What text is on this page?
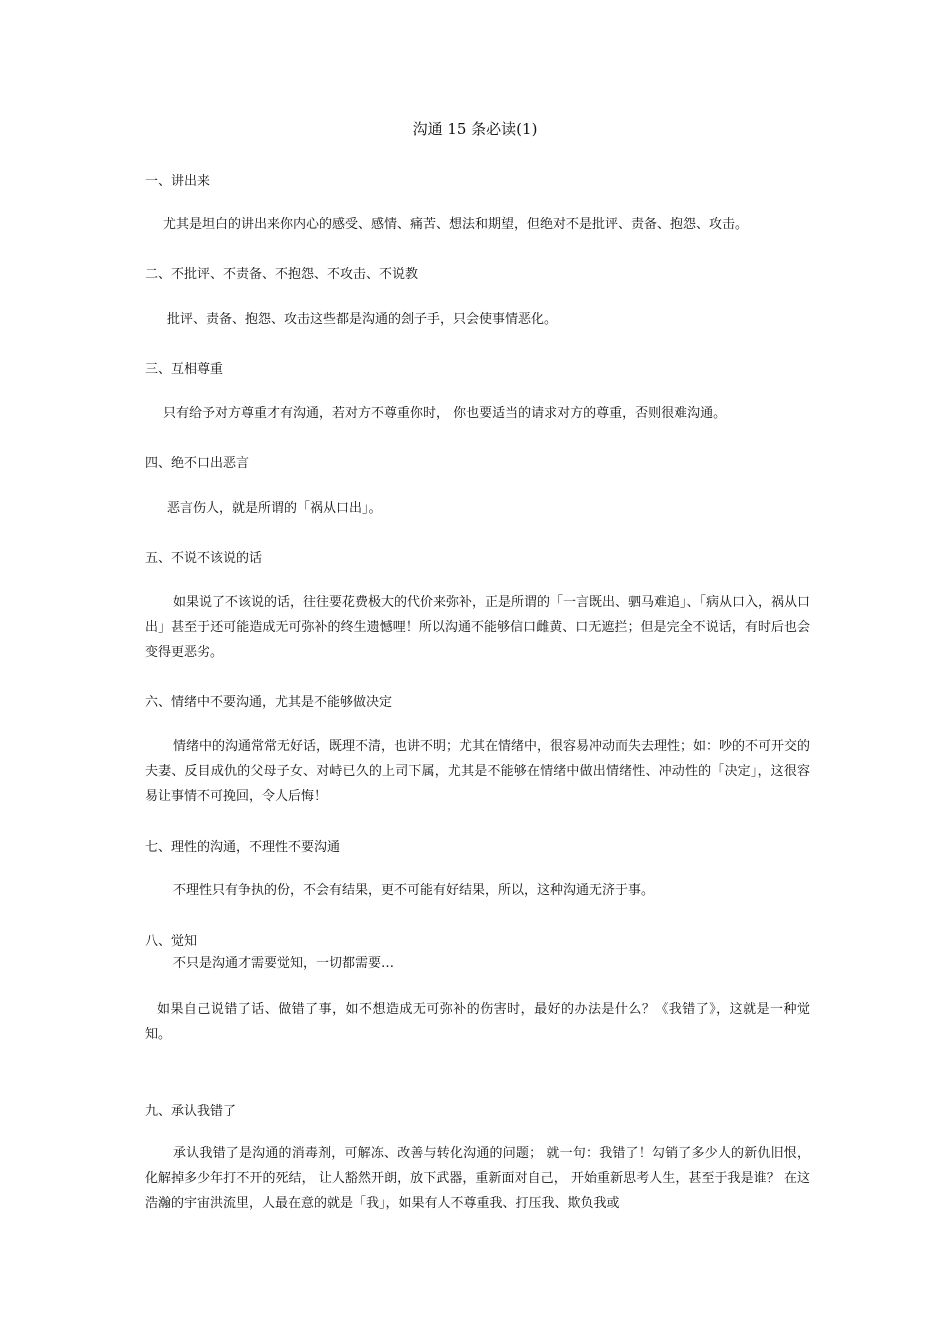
沟通 15 条必读(1)
一、讲出来
尤其是坦白的讲出来你内心的感受、感情、痛苦、想法和期望，但绝对不是批评、责备、抱怨、攻击。
二、不批评、不责备、不抱怨、不攻击、不说教
批评、责备、抱怨、攻击这些都是沟通的刽子手，只会使事情恶化。
三、互相尊重
只有给予对方尊重才有沟通，若对方不尊重你时， 你也要适当的请求对方的尊重，否则很难沟通。
四、绝不口出恶言
恶言伤人，就是所谓的「祸从口出」。
五、不说不该说的话
如果说了不该说的话，往往要花费极大的代价来弥补，正是所谓的「一言既出、驷马难追」、「病从口入，祸从口出」甚至于还可能造成无可弥补的终生遗憾哩！所以沟通不能够信口雌黄、口无遮拦；但是完全不说话，有时后也会变得更恶劣。
六、情绪中不要沟通，尤其是不能够做决定
情绪中的沟通常常无好话，既理不清，也讲不明；尤其在情绪中，很容易冲动而失去理性；如：吵的不可开交的夫妻、反目成仇的父母子女、对峙已久的上司下属，尤其是不能够在情绪中做出情绪性、冲动性的「决定」，这很容易让事情不可挽回，令人后悔！
七、理性的沟通，不理性不要沟通
不理性只有争执的份，不会有结果，更不可能有好结果，所以，这种沟通无济于事。
八、觉知
不只是沟通才需要觉知，一切都需要…
如果自己说错了话、做错了事，如不想造成无可弥补的伤害时，最好的办法是什么？《我错了》，这就是一种觉知。
九、承认我错了
承认我错了是沟通的消毒剂，可解冻、改善与转化沟通的问题； 就一句：我错了！勾销了多少人的新仇旧恨，化解掉多少年打不开的死结， 让人豁然开朗，放下武器，重新面对自己， 开始重新思考人生，甚至于我是谁？ 在这浩瀚的宇宙洪流里，人最在意的就是「我」，如果有人不尊重我、打压我、欺负我或
